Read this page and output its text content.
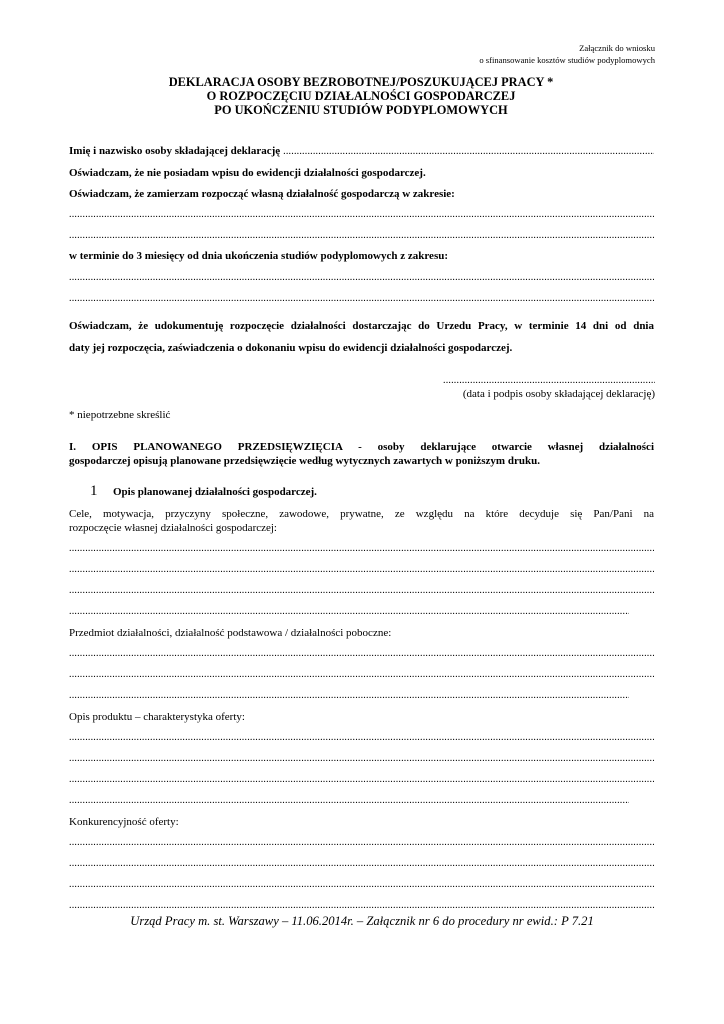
Załącznik do wniosku
o sfinansowanie kosztów studiów podyplomowych
DEKLARACJA OSOBY BEZROBOTNEJ/POSZUKUJĄCEJ PRACY *
O ROZPOCZĘCIU DZIAŁALNOŚCI GOSPODARCZEJ
PO UKOŃCZENIU STUDIÓW PODYPLOMOWYCH
Imię i nazwisko osoby składającej deklarację
.....
Oświadczam, że nie posiadam wpisu do ewidencji działalności gospodarczej.
Oświadczam, że zamierzam rozpocząć własną działalność gospodarczą w zakresie:
.....
.....
w terminie do 3 miesięcy od dnia ukończenia studiów podyplomowych z zakresu:
.....
.....
Oświadczam, że udokumentuję rozpoczęcie działalności dostarczając do Urzedu Pracy, w terminie 14 dni od dnia
daty jej rozpoczęcia, zaświadczenia o dokonaniu wpisu do ewidencji działalności gospodarczej.
.....
(data i podpis osoby składającej deklarację)
* niepotrzebne skreślić
I. OPIS PLANOWANEGO PRZEDSIĘWZIĘCIA - osoby deklarujące otwarcie własnej działalności
gospodarczej opisują planowane przedsięwzięcie według wytycznych zawartych w poniższym druku.
1 Opis planowanej działalności gospodarczej.
Cele, motywacja, przyczyny społeczne, zawodowe, prywatne, ze względu na które decyduje się Pan/Pani na
rozpoczęcie własnej działalności gospodarczej:
.....
.....
.....
.....
Przedmiot działalności, działalność podstawowa / działalności poboczne:
.....
.....
.....
Opis produktu – charakterystyka oferty:
.....
.....
.....
.....
Konkurencyjność oferty:
.....
.....
.....
.....
Urząd Pracy m. st. Warszawy – 11.06.2014r. – Załącznik nr 6 do procedury nr ewid.: P 7.21
